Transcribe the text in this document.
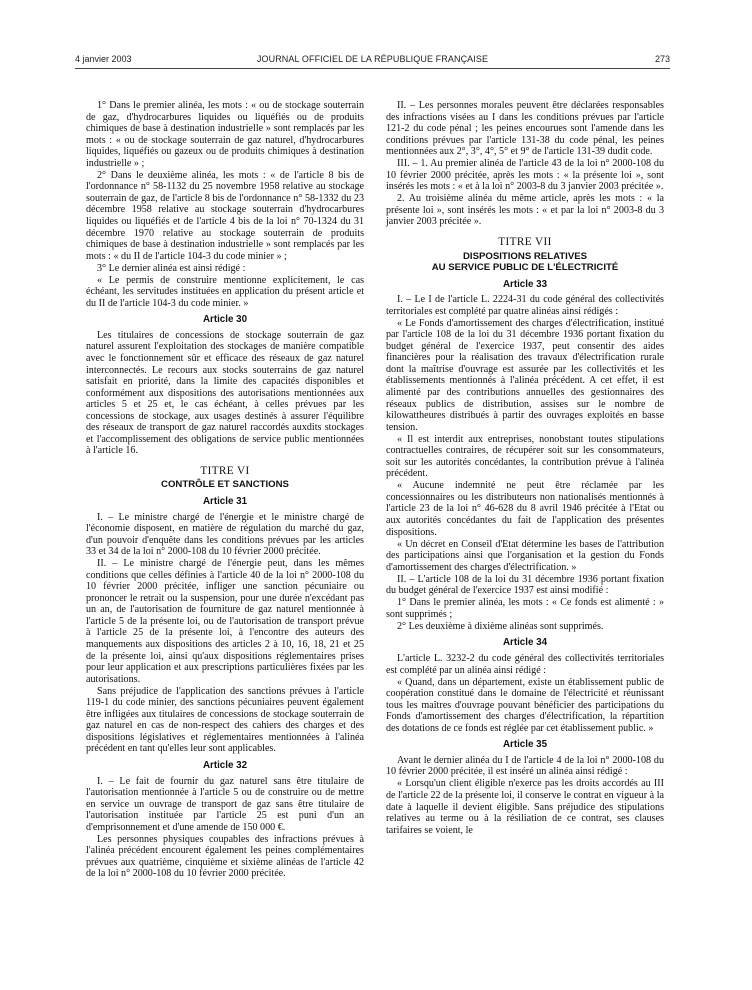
4 janvier 2003	JOURNAL OFFICIEL DE LA RÉPUBLIQUE FRANÇAISE	273

1° Dans le premier alinéa, les mots : « ou de stockage souterrain de gaz, d'hydrocarbures liquides ou liquéfiés ou de produits chimiques de base à destination industrielle » sont remplacés par les mots : « ou de stockage souterrain de gaz naturel, d'hydrocarbures liquides, liquéfiés ou gazeux ou de produits chimiques à destination industrielle » ;

2° Dans le deuxième alinéa, les mots : « de l'article 8 bis de l'ordonnance n° 58-1132 du 25 novembre 1958 relative au stockage souterrain de gaz, de l'article 8 bis de l'ordonnance n° 58-1332 du 23 décembre 1958 relative au stockage souterrain d'hydrocarbures liquides ou liquéfiés et de l'article 4 bis de la loi n° 70-1324 du 31 décembre 1970 relative au stockage souterrain de produits chimiques de base à destination industrielle » sont remplacés par les mots : « du II de l'article 104-3 du code minier » ;

3° Le dernier alinéa est ainsi rédigé :

« Le permis de construire mentionne explicitement, le cas échéant, les servitudes instituées en application du présent article et du II de l'article 104-3 du code minier. »

Article 30

Les titulaires de concessions de stockage souterrain de gaz naturel assurent l'exploitation des stockages de manière compatible avec le fonctionnement sûr et efficace des réseaux de gaz naturel interconnectés. Le recours aux stocks souterrains de gaz naturel satisfait en priorité, dans la limite des capacités disponibles et conformément aux dispositions des autorisations mentionnées aux articles 5 et 25 et, le cas échéant, à celles prévues par les concessions de stockage, aux usages destinés à assurer l'équilibre des réseaux de transport de gaz naturel raccordés auxdits stockages et l'accomplissement des obligations de service public mentionnées à l'article 16.

TITRE VI
CONTRÔLE ET SANCTIONS
Article 31

I. – Le ministre chargé de l'énergie et le ministre chargé de l'économie disposent, en matière de régulation du marché du gaz, d'un pouvoir d'enquête dans les conditions prévues par les articles 33 et 34 de la loi n° 2000-108 du 10 février 2000 précitée.

II. – Le ministre chargé de l'énergie peut, dans les mêmes conditions que celles définies à l'article 40 de la loi n° 2000-108 du 10 février 2000 précitée, infliger une sanction pécuniaire ou prononcer le retrait ou la suspension, pour une durée n'excédant pas un an, de l'autorisation de fourniture de gaz naturel mentionnée à l'article 5 de la présente loi, ou de l'autorisation de transport prévue à l'article 25 de la présente loi, à l'encontre des auteurs des manquements aux dispositions des articles 2 à 10, 16, 18, 21 et 25 de la présente loi, ainsi qu'aux dispositions réglementaires prises pour leur application et aux prescriptions particulières fixées par les autorisations.

Sans préjudice de l'application des sanctions prévues à l'article 119-1 du code minier, des sanctions pécuniaires peuvent également être infligées aux titulaires de concessions de stockage souterrain de gaz naturel en cas de non-respect des cahiers des charges et des dispositions législatives et réglementaires mentionnées à l'alinéa précédent en tant qu'elles leur sont applicables.

Article 32

I. – Le fait de fournir du gaz naturel sans être titulaire de l'autorisation mentionnée à l'article 5 ou de construire ou de mettre en service un ouvrage de transport de gaz sans être titulaire de l'autorisation instituée par l'article 25 est puni d'un an d'emprisonnement et d'une amende de 150 000 €.

Les personnes physiques coupables des infractions prévues à l'alinéa précédent encourent également les peines complémentaires prévues aux quatrième, cinquième et sixième alinéas de l'article 42 de la loi n° 2000-108 du 10 février 2000 précitée.

II. – Les personnes morales peuvent être déclarées responsables des infractions visées au I dans les conditions prévues par l'article 121-2 du code pénal ; les peines encourues sont l'amende dans les conditions prévues par l'article 131-38 du code pénal, les peines mentionnées aux 2°, 3°, 4°, 5° et 9° de l'article 131-39 dudit code.

III. – 1. Au premier alinéa de l'article 43 de la loi n° 2000-108 du 10 février 2000 précitée, après les mots : « la présente loi », sont insérés les mots : « et à la loi n° 2003-8 du 3 janvier 2003 précitée ».

2. Au troisième alinéa du même article, après les mots : « la présente loi », sont insérés les mots : « et par la loi n° 2003-8 du 3 janvier 2003 précitée ».

TITRE VII
DISPOSITIONS RELATIVES
AU SERVICE PUBLIC DE L'ÉLECTRICITÉ
Article 33

I. – Le I de l'article L. 2224-31 du code général des collectivités territoriales est complété par quatre alinéas ainsi rédigés :

« Le Fonds d'amortissement des charges d'électrification, institué par l'article 108 de la loi du 31 décembre 1936 portant fixation du budget général de l'exercice 1937, peut consentir des aides financières pour la réalisation des travaux d'électrification rurale dont la maîtrise d'ouvrage est assurée par les collectivités et les établissements mentionnés à l'alinéa précédent. A cet effet, il est alimenté par des contributions annuelles des gestionnaires des réseaux publics de distribution, assises sur le nombre de kilowattheures distribués à partir des ouvrages exploités en basse tension.

« Il est interdit aux entreprises, nonobstant toutes stipulations contractuelles contraires, de récupérer soit sur les consommateurs, soit sur les autorités concédantes, la contribution prévue à l'alinéa précédent.

« Aucune indemnité ne peut être réclamée par les concessionnaires ou les distributeurs non nationalisés mentionnés à l'article 23 de la loi n° 46-628 du 8 avril 1946 précitée à l'Etat ou aux autorités concédantes du fait de l'application des présentes dispositions.

« Un décret en Conseil d'Etat détermine les bases de l'attribution des participations ainsi que l'organisation et la gestion du Fonds d'amortissement des charges d'électrification. »

II. – L'article 108 de la loi du 31 décembre 1936 portant fixation du budget général de l'exercice 1937 est ainsi modifié :

1° Dans le premier alinéa, les mots : « Ce fonds est alimenté : » sont supprimés ;

2° Les deuxième à dixième alinéas sont supprimés.

Article 34

L'article L. 3232-2 du code général des collectivités territoriales est complété par un alinéa ainsi rédigé :

« Quand, dans un département, existe un établissement public de coopération constitué dans le domaine de l'électricité et réunissant tous les maîtres d'ouvrage pouvant bénéficier des participations du Fonds d'amortissement des charges d'électrification, la répartition des dotations de ce fonds est réglée par cet établissement public. »

Article 35

Avant le dernier alinéa du I de l'article 4 de la loi n° 2000-108 du 10 février 2000 précitée, il est inséré un alinéa ainsi rédigé :

« Lorsqu'un client éligible n'exerce pas les droits accordés au III de l'article 22 de la présente loi, il conserve le contrat en vigueur à la date à laquelle il devient éligible. Sans préjudice des stipulations relatives au terme ou à la résiliation de ce contrat, ses clauses tarifaires se voient, le
